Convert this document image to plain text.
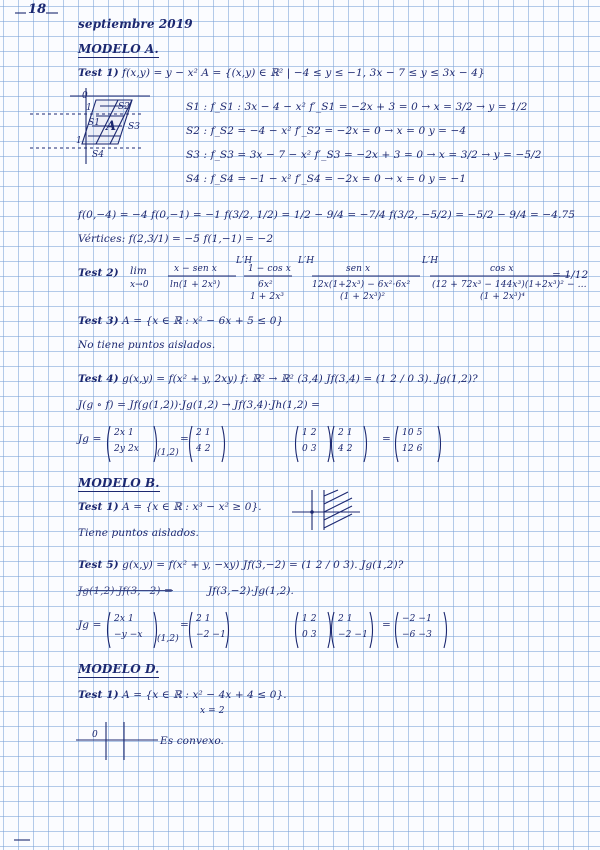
18
septiembre 2019
MODELO A.
Test 1) f(x,y) = y − x² A = {(x,y) ∈ ℝ² | −4 ≤ y ≤ −1, 3x − 7 ≤ y ≤ 3x − 4}
1
0
S2
S1 A S3
S4
1
S1 : f_S1 : 3x − 4 − x² f′_S1 = −2x + 3 = 0 → x = 3/2 → y = 1/2
S2 : f_S2 = −4 − x² f′_S2 = −2x = 0 → x = 0 y = −4
S3 : f_S3 = 3x − 7 − x² f′_S3 = −2x + 3 = 0 → x = 3/2 → y = −5/2
S4 : f_S4 = −1 − x² f′_S4 = −2x = 0 → x = 0 y = −1
f(0,−4) = −4 f(0,−1) = −1 f(3/2, 1/2) = 1/2 − 9/4 = −7/4 f(3/2, −5/2) = −5/2 − 9/4 = −4.75
Vértices: f(2,3/1) = −5 f(1,−1) = −2
Test 2) lim
x→0
x − sen x
ln(1 + 2x³)
L′H
1 − cos x
6x²
1 + 2x³
L′H
sen x
12x(1+2x³) − 6x²·6x²
(1 + 2x³)²
L′H
cos x
(12 + 72x³ − 144x³)(1+2x³)² − …
(1 + 2x³)⁴
= 1/12
Test 3) A = {x ∈ ℝ : x² − 6x + 5 ≤ 0}
No tiene puntos aislados.
Test 4) g(x,y) = f(x² + y, 2xy) f: ℝ² → ℝ² (3,4) Jf(3,4) = (1 2 / 0 3). Jg(1,2)?
J(g ∘ f) = Jf(g(1,2))·Jg(1,2) → Jf(3,4)·Jh(1,2) =
Jg = 2x 1
2y 2x (1,2)
= 2 1
4 2
1 2
0 3
2 1
4 2
= 10 5
12 6
MODELO B.
Test 1) A = {x ∈ ℝ : x³ − x² ≥ 0}.
Tiene puntos aislados.
Test 5) g(x,y) = f(x² + y, −xy) Jf(3,−2) = (1 2 / 0 3). Jg(1,2)?
Jg(1,2)·Jf(3,−2) =	Jf(3,−2)·Jg(1,2).
Jg = 2x 1
−y −x (1,2)
= 2 1
−2 −1
1 2
0 3
2 1
−2 −1
= −2 −1
−6 −3
MODELO D.
Test 1) A = {x ∈ ℝ : x² − 4x + 4 ≤ 0}.
x = 2
0	Es convexo.
